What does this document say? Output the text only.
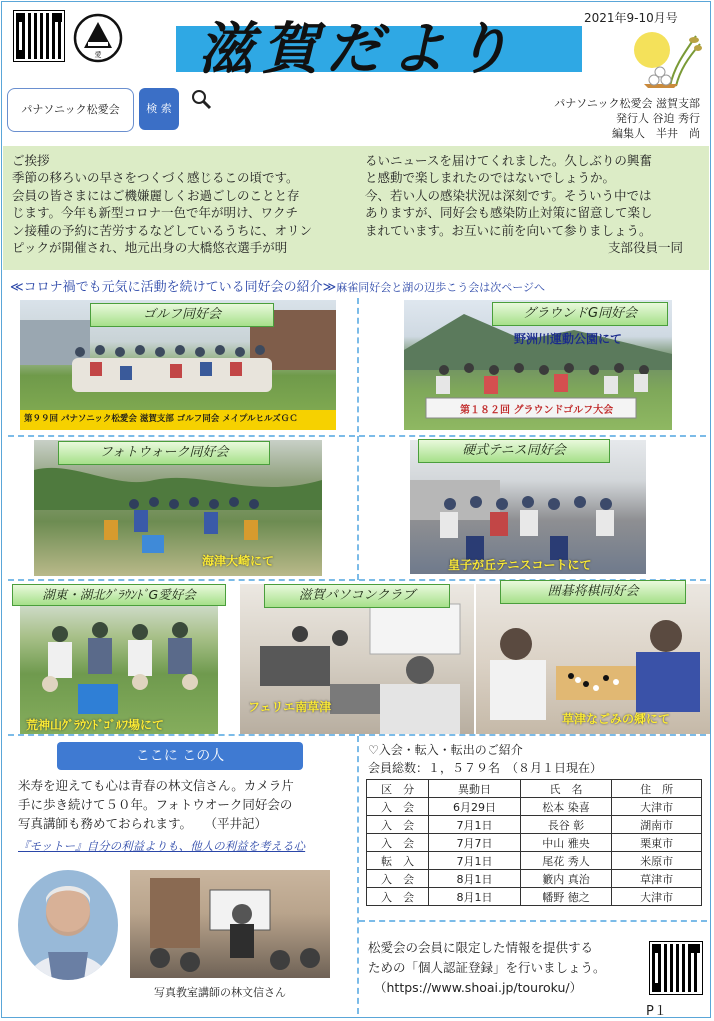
愛 滋賀だより	2021年9-10月号
パナソニック松愛会	検 索	パナソニック松愛会 滋賀支部
発行人 谷迫 秀行
編集人　半井　尚
ご挨拶
季節の移ろいの早さをつくづく感じるこの頃です。
会員の皆さまにはご機嫌麗しくお過ごしのことと存
じます。今年も新型コロナ一色で年が明け、ワクチ
ン接種の予約に苦労するなどしているうちに、オリン
ピックが開催され、地元出身の大橋悠衣選手が明
るいニュースを届けてくれました。久しぶりの興奮
と感動で楽しまれたのではないでしょうか。
今、若い人の感染状況は深刻です。そういう中では
ありますが、同好会も感染防止対策に留意して楽し
まれています。お互いに前を向いて参りましょう。
支部役員一同
≪コロナ禍でも元気に活動を続けている同好会の紹介≫麻雀同好会と湖の辺歩こう会は次ページへ
第９９回 パナソニック松愛会 滋賀支部 ゴルフ同会 メイプルヒルズＧＣ
ゴルフ同好会
第１８２回 グラウンドゴルフ大会
グラウンドG同好会
野洲川運動公園にて
フォトウォーク同好会
海津大崎にて
硬式テニス同好会
皇子が丘テニスコートにて
湖東・湖北ｸﾞﾗｳﾝﾄﾞG愛好会
荒神山ｸﾞﾗｳﾝﾄﾞｺﾞﾙﾌ場にて
滋賀パソコンクラブ
フェリエ南草津
囲碁将棋同好会
草津なごみの郷にて
ここに この人
米寿を迎えても心は青春の林文信さん。カメラ片
手に歩き続けて５０年。フォトウオーク同好会の
写真講師も務めておられます。　　（平井記）
『モットー』自分の利益よりも、他人の利益を考える心
写真教室講師の林文信さん
♡入会・転入・転出のご紹介
会員総数：１，５７９名　（８月１日現在）
区　分	異動日	氏　名	住　所
入　会	6月29日	松本 染喜	大津市
入　会	7月1日	長谷 彰	湖南市
入　会	7月7日	中山 雅央	栗東市
転　入	7月1日	尾花 秀人	米原市
入　会	8月1日	籔内 真治	草津市
入　会	8月1日	幡野 徳之	大津市
松愛会の会員に限定した情報を提供する
ための「個人認証登録」を行いましょう。
（https://www.shoai.jp/touroku/）
P１
